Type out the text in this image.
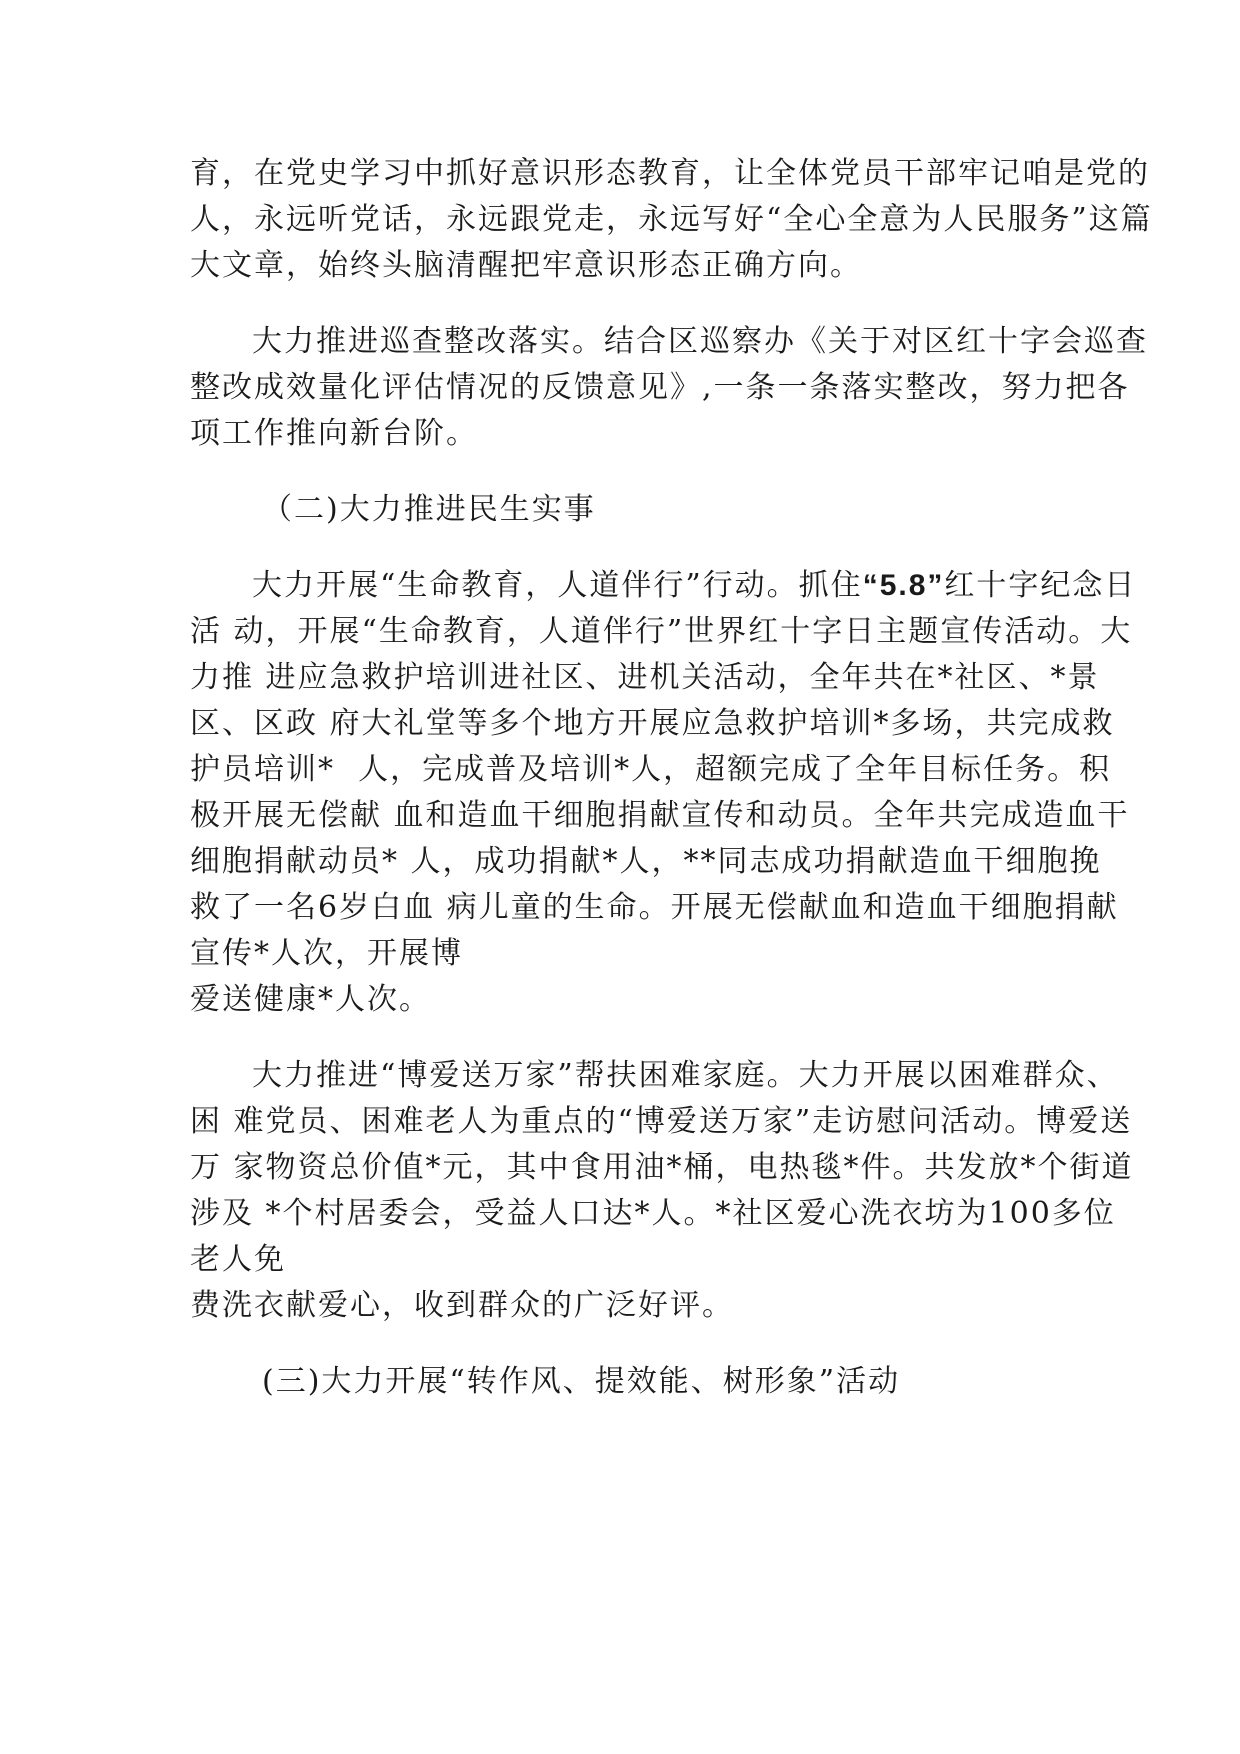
育，在党史学习中抓好意识形态教育，让全体党员干部牢记咱是党的
人，永远听党话，永远跟党走，永远写好“全心全意为人民服务”这篇
大文章，始终头脑清醒把牢意识形态正确方向。
大力推进巡查整改落实。结合区巡察办《关于对区红十字会巡查
整改成效量化评估情况的反馈意见》,一条一条落实整改，努力把各
项工作推向新台阶。
（二)大力推进民生实事
大力开展“生命教育，人道伴行”行动。抓住“5.8”红十字纪念日
活 动，开展“生命教育，人道伴行”世界红十字日主题宣传活动。大
力推 进应急救护培训进社区、进机关活动，全年共在*社区、*景
区、区政 府大礼堂等多个地方开展应急救护培训*多场，共完成救
护员培训*  人，完成普及培训*人，超额完成了全年目标任务。积
极开展无偿献 血和造血干细胞捐献宣传和动员。全年共完成造血干
细胞捐献动员* 人，成功捐献*人，**同志成功捐献造血干细胞挽
救了一名6岁白血 病儿童的生命。开展无偿献血和造血干细胞捐献
宣传*人次，开展博
爱送健康*人次。
大力推进“博爱送万家”帮扶困难家庭。大力开展以困难群众、
困 难党员、困难老人为重点的“博爱送万家”走访慰问活动。博爱送
万 家物资总价值*元，其中食用油*桶，电热毯*件。共发放*个街道
涉及 *个村居委会，受益人口达*人。*社区爱心洗衣坊为100多位
老人免
费洗衣献爱心，收到群众的广泛好评。
(三)大力开展“转作风、提效能、树形象”活动
